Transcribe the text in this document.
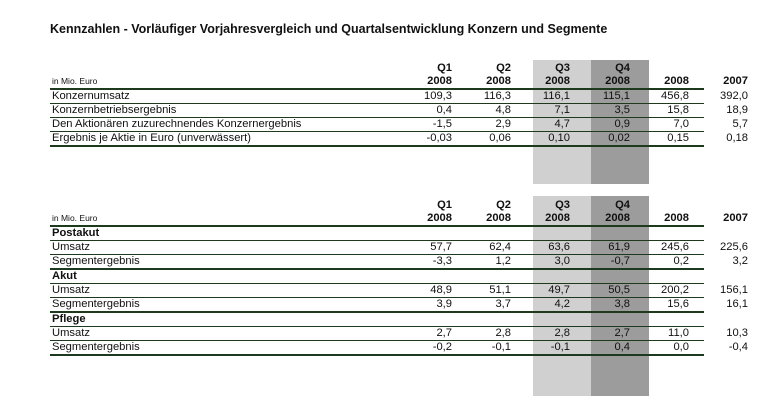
Kennzahlen - Vorläufiger Vorjahresvergleich und Quartalsentwicklung Konzern und Segmente
Q1	Q2	Q3	Q4
2008	2008	2008	2008	2008	2007
in Mio. Euro
Konzernumsatz	109,3	116,3	116,1	115,1	456,8	392,0
Konzernbetriebsergebnis	0,4	4,8	7,1	3,5	15,8	18,9
Den Aktionären zuzurechnendes Konzernergebnis	-1,5	2,9	4,7	0,9	7,0	5,7
Ergebnis je Aktie in Euro (unverwässert)	-0,03	0,06	0,10	0,02	0,15	0,18
Q1	Q2	Q3	Q4
2008	2008	2008	2008	2008	2007
in Mio. Euro
Postakut
Umsatz	57,7	62,4	63,6	61,9	245,6	225,6
Segmentergebnis	-3,3	1,2	3,0	-0,7	0,2	3,2
Akut
Umsatz	48,9	51,1	49,7	50,5	200,2	156,1
Segmentergebnis	3,9	3,7	4,2	3,8	15,6	16,1
Pflege
Umsatz	2,7	2,8	2,8	2,7	11,0	10,3
Segmentergebnis	-0,2	-0,1	-0,1	0,4	0,0	-0,4
